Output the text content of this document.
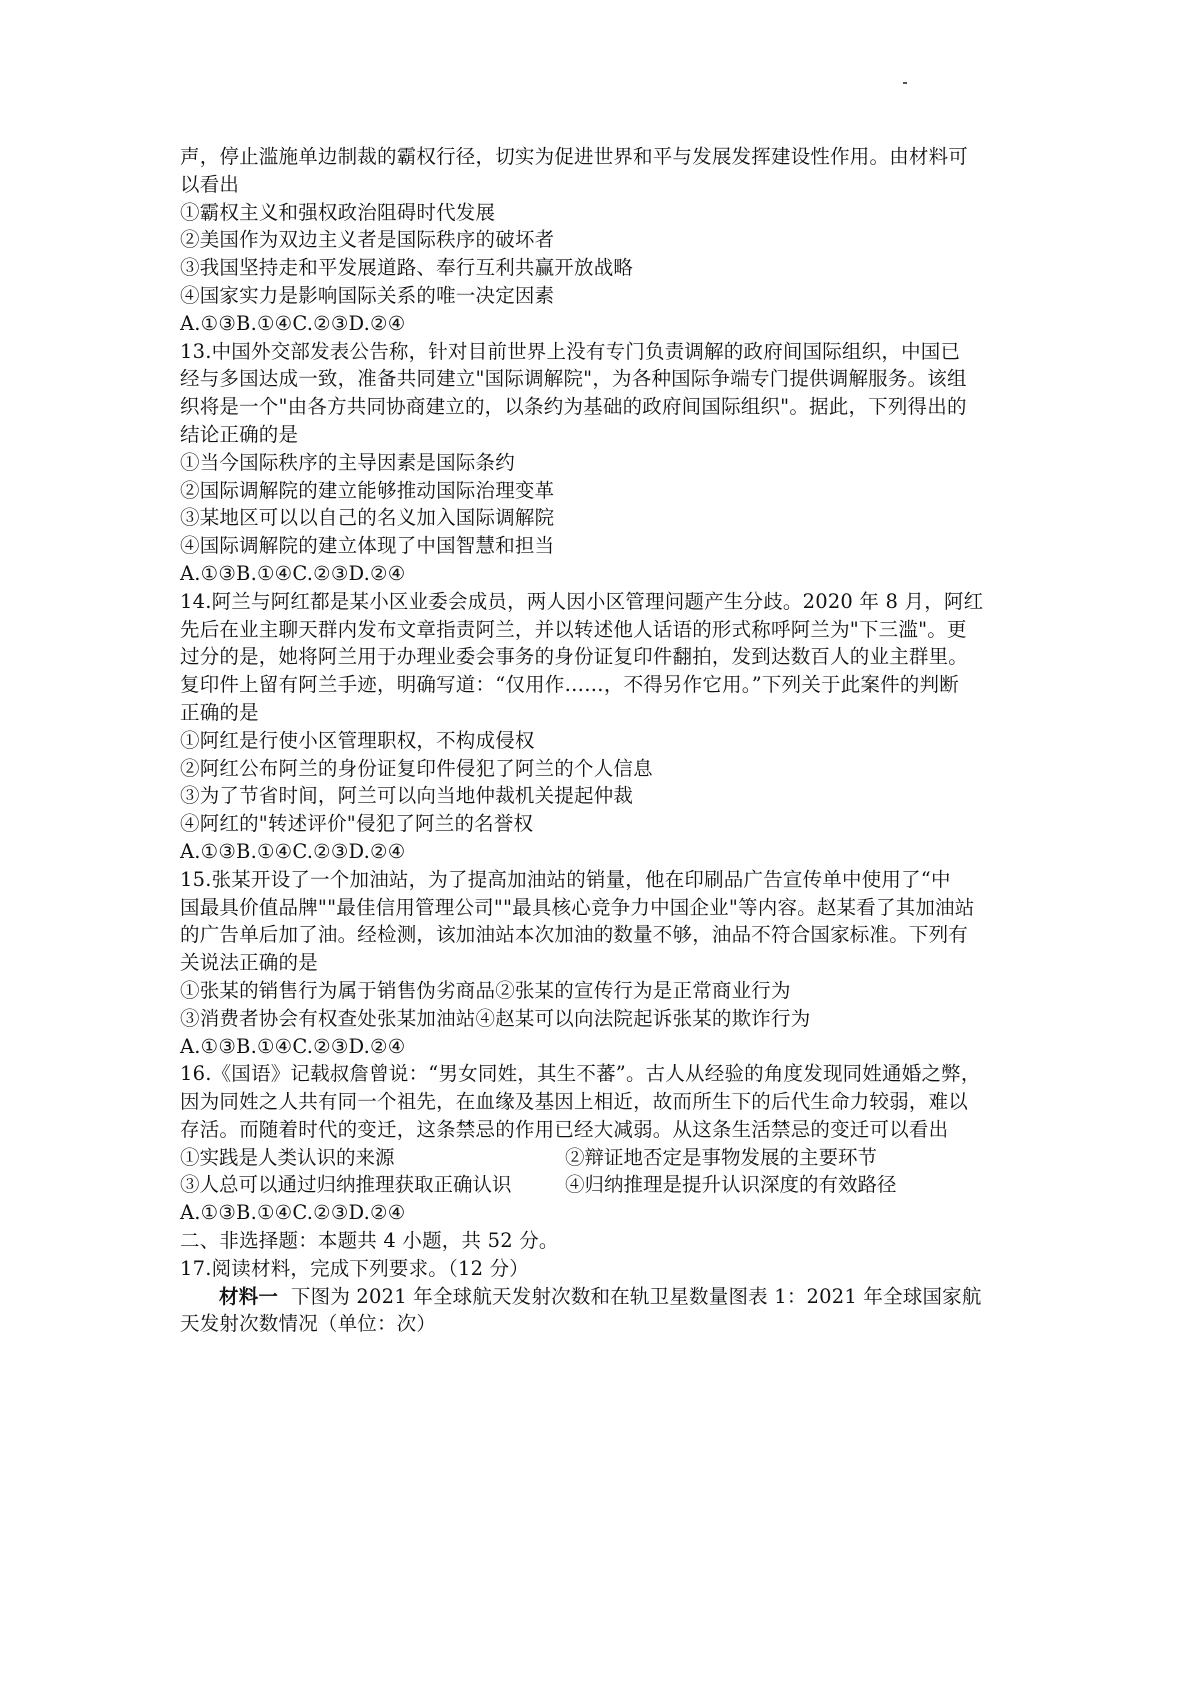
声，停止滥施单边制裁的霸权行径，切实为促进世界和平与发展发挥建设性作用。由材料可
以看出
①霸权主义和强权政治阻碍时代发展
②美国作为双边主义者是国际秩序的破坏者
③我国坚持走和平发展道路、奉行互利共赢开放战略
④国家实力是影响国际关系的唯一决定因素
A.①③B.①④C.②③D.②④
13.中国外交部发表公告称，针对目前世界上没有专门负责调解的政府间国际组织，中国已
经与多国达成一致，准备共同建立"国际调解院"，为各种国际争端专门提供调解服务。该组
织将是一个"由各方共同协商建立的，以条约为基础的政府间国际组织"。据此，下列得出的
结论正确的是
①当今国际秩序的主导因素是国际条约
②国际调解院的建立能够推动国际治理变革
③某地区可以以自己的名义加入国际调解院
④国际调解院的建立体现了中国智慧和担当
A.①③B.①④C.②③D.②④
14.阿兰与阿红都是某小区业委会成员，两人因小区管理问题产生分歧。2020 年 8 月，阿红
先后在业主聊天群内发布文章指责阿兰，并以转述他人话语的形式称呼阿兰为"下三滥"。更
过分的是，她将阿兰用于办理业委会事务的身份证复印件翻拍，发到达数百人的业主群里。
复印件上留有阿兰手迹，明确写道：“仅用作……，不得另作它用。”下列关于此案件的判断
正确的是
①阿红是行使小区管理职权，不构成侵权
②阿红公布阿兰的身份证复印件侵犯了阿兰的个人信息
③为了节省时间，阿兰可以向当地仲裁机关提起仲裁
④阿红的"转述评价"侵犯了阿兰的名誉权
A.①③B.①④C.②③D.②④
15.张某开设了一个加油站，为了提高加油站的销量，他在印刷品广告宣传单中使用了“中
国最具价值品牌""最佳信用管理公司""最具核心竞争力中国企业"等内容。赵某看了其加油站
的广告单后加了油。经检测，该加油站本次加油的数量不够，油品不符合国家标准。下列有
关说法正确的是
①张某的销售行为属于销售伪劣商品②张某的宣传行为是正常商业行为
③消费者协会有权查处张某加油站④赵某可以向法院起诉张某的欺诈行为
A.①③B.①④C.②③D.②④
16.《国语》记载叔詹曾说：“男女同姓，其生不蕃”。古人从经验的角度发现同姓通婚之弊，
因为同姓之人共有同一个祖先，在血缘及基因上相近，故而所生下的后代生命力较弱，难以
存活。而随着时代的变迁，这条禁忌的作用已经大减弱。从这条生活禁忌的变迁可以看出
①实践是人类认识的来源	②辩证地否定是事物发展的主要环节
③人总可以通过归纳推理获取正确认识	④归纳推理是提升认识深度的有效路径
A.①③B.①④C.②③D.②④
二、非选择题：本题共 4 小题，共 52 分。
17.阅读材料，完成下列要求。（12 分）
材料一 下图为 2021 年全球航天发射次数和在轨卫星数量图表 1：2021 年全球国家航
天发射次数情况（单位：次）
